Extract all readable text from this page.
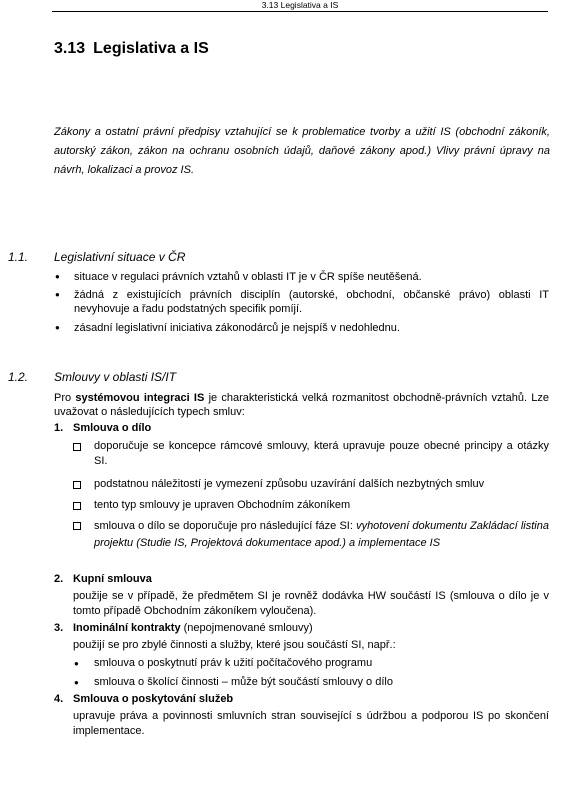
3.13 Legislativa a IS
3.13 Legislativa a IS
Zákony a ostatní právní předpisy vztahující se k problematice tvorby a užití IS (obchodní zákoník, autorský zákon, zákon na ochranu osobních údajů, daňové zákony apod.) Vlivy právní úpravy na návrh, lokalizaci a provoz IS.
1.1. Legislativní situace v ČR
● situace v regulaci právních vztahů v oblasti IT je v ČR spíše neutěšená.
● žádná z existujících právních disciplín (autorské, obchodní, občanské právo) oblasti IT nevyhovuje a řadu podstatných specifik pomíjí.
● zásadní legislativní iniciativa zákonodárců je nejspíš v nedohlednu.
1.2. Smlouvy v oblasti IS/IT
Pro systémovou integraci IS je charakteristická velká rozmanitost obchodně-právních vztahů. Lze uvažovat o následujících typech smluv:
1. Smlouva o dílo
doporučuje se koncepce rámcové smlouvy, která upravuje pouze obecné principy a otázky SI.
podstatnou náležitostí je vymezení způsobu uzavírání dalších nezbytných smluv
tento typ smlouvy je upraven Obchodním zákoníkem
smlouva o dílo se doporučuje pro následující fáze SI: vyhotovení dokumentu Zakládací listina projektu (Studie IS, Projektová dokumentace apod.) a implementace IS
2. Kupní smlouva
použije se v případě, že předmětem SI je rovněž dodávka HW součástí IS (smlouva o dílo je v tomto případě Obchodním zákoníkem vyloučena).
3. Inominální kontrakty (nepojmenované smlouvy)
použijí se pro zbylé činnosti a služby, které jsou součástí SI, např.:
● smlouva o poskytnutí práv k užití počítačového programu
● smlouva o školící činnosti – může být součástí smlouvy o dílo
4. Smlouva o poskytování služeb
upravuje práva a povinnosti smluvních stran související s údržbou a podporou IS po skončení implementace.
